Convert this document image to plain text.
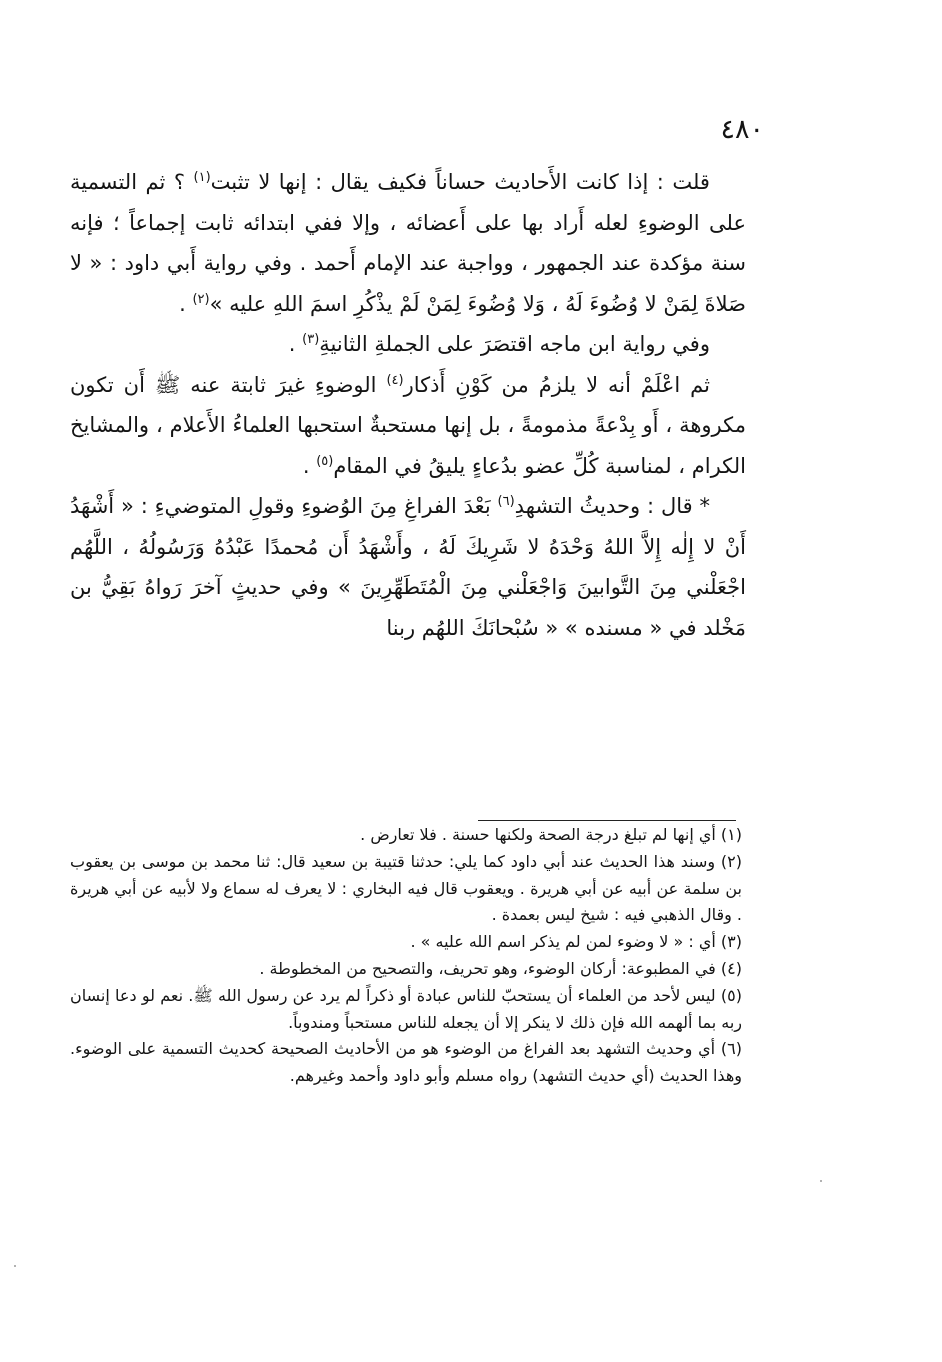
٤٨٠

قلت : إذا كانت الأَحاديث حساناً فكيف يقال : إنها لا تثبت$^{(١)}$ ؟ ثم التسمية على الوضوءِ لعله أَراد بها على أَعضائه ، وإلا ففي ابتدائه ثابت إجماعاً ؛ فإنه سنة مؤكدة عند الجمهور ، وواجبة عند الإمام أَحمد . وفي رواية أَبي داود : « لا صَلاةَ لِمَنْ لا وُضُوءَ لَهُ ، وَلا وُضُوءَ لِمَنْ لَمْ يذْكُرِ اسمَ اللهِ عليه »$^{(٢)}$ .

وفي رواية ابن ماجه اقتصَرَ على الجملةِ الثانيةِ$^{(٣)}$ .

ثم اعْلَمْ أنه لا يلزمُ من كَوْنِ أَذكار$^{(٤)}$ الوضوءِ غيرَ ثابتة عنه ﷺ أَن تكون مكروهة ، أَو بِدْعةً مذمومةً ، بل إنها مستحبةٌ استحبها العلماءُ الأَعلام ، والمشايخ الكرام ، لمناسبة كُلِّ عضو بدُعاءٍ يليقُ في المقام$^{(٥)}$ .

* قال : وحديثُ التشهدِ$^{(٦)}$ بَعْدَ الفراغِ مِنَ الوُضوءِ وقولِ المتوضيءِ : « أَشْهَدُ أَنْ لا إِلٰه إِلاَّ اللهُ وَحْدَهُ لا شَرِيكَ لَهُ ، وأَشْهَدُ أَن مُحمدًا عَبْدُهُ وَرَسُولُهُ ، اللَّهُم اجْعَلْني مِنَ التَّوابينَ وَاجْعَلْني مِنَ الْمُتَطَهِّرِينَ » وفي حديثٍ آخرَ رَواهُ بَقِيُّ بن مَخْلد في « مسنده » « سُبْحانَكَ اللهُم ربنا

(١) أي إنها لم تبلغ درجة الصحة ولكنها حسنة . فلا تعارض .

(٢) وسند هذا الحديث عند أبي داود كما يلي: حدثنا قتيبة بن سعيد قال: ثنا محمد بن موسى بن يعقوب بن سلمة عن أبيه عن أبي هريرة . ويعقوب قال فيه البخاري : لا يعرف له سماع ولا لأبيه عن أبي هريرة . وقال الذهبي فيه : شيخ ليس بعمدة .

(٣) أي : « لا وضوء لمن لم يذكر اسم الله عليه » .

(٤) في المطبوعة: أركان الوضوء، وهو تحريف، والتصحيح من المخطوطة .

(٥) ليس لأحد من العلماء أن يستحبّ للناس عبادة أو ذكراً لم يرد عن رسول الله ﷺ. نعم لو دعا إنسان ربه بما ألهمه الله فإن ذلك لا ينكر إلا أن يجعله للناس مستحباً ومندوباً.

(٦) أي وحديث التشهد بعد الفراغ من الوضوء هو من الأحاديث الصحيحة كحديث التسمية على الوضوء. وهذا الحديث (أي حديث التشهد) رواه مسلم وأبو داود وأحمد وغيرهم.
